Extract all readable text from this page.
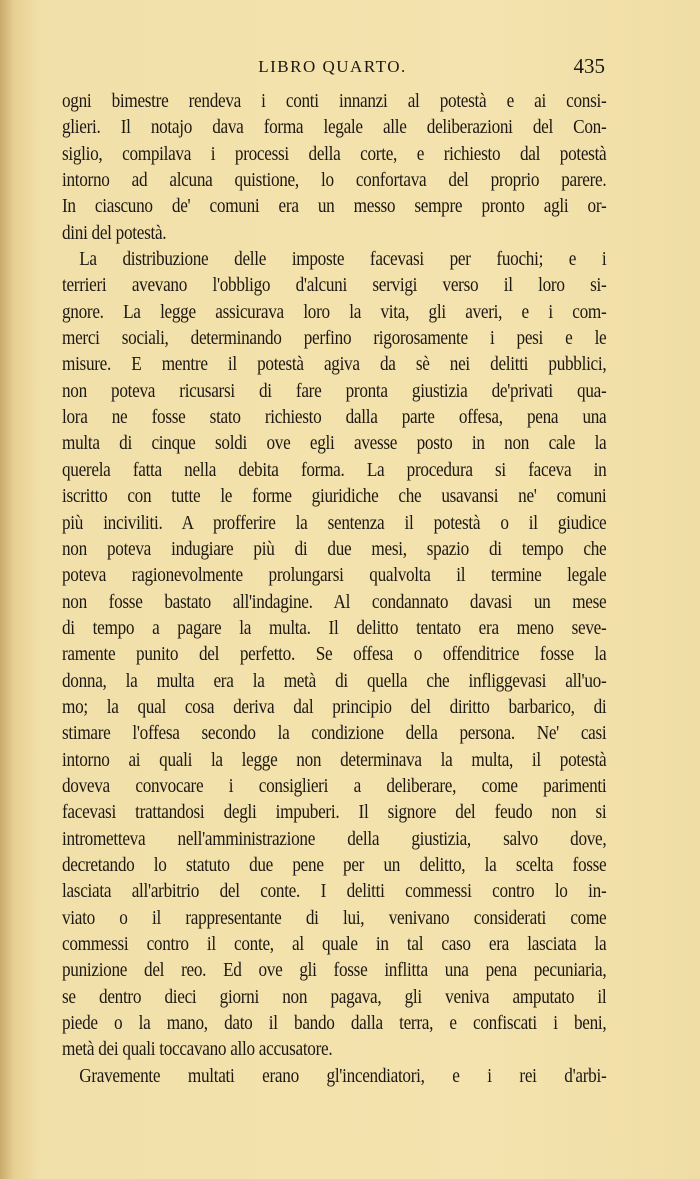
LIBRO QUARTO.	435
ogni bimestre rendeva i conti innanzi al potestà e ai consi-
glieri. Il notajo dava forma legale alle deliberazioni del Con-
siglio, compilava i processi della corte, e richiesto dal potestà
intorno ad alcuna quistione, lo confortava del proprio parere.
In ciascuno de' comuni era un messo sempre pronto agli or-
dini del potestà.
La distribuzione delle imposte facevasi per fuochi; e i
terrieri avevano l'obbligo d'alcuni servigi verso il loro si-
gnore. La legge assicurava loro la vita, gli averi, e i com-
merci sociali, determinando perfino rigorosamente i pesi e le
misure. E mentre il potestà agiva da sè nei delitti pubblici,
non poteva ricusarsi di fare pronta giustizia de'privati qua-
lora ne fosse stato richiesto dalla parte offesa, pena una
multa di cinque soldi ove egli avesse posto in non cale la
querela fatta nella debita forma. La procedura si faceva in
iscritto con tutte le forme giuridiche che usavansi ne' comuni
più inciviliti. A profferire la sentenza il potestà o il giudice
non poteva indugiare più di due mesi, spazio di tempo che
poteva ragionevolmente prolungarsi qualvolta il termine legale
non fosse bastato all'indagine. Al condannato davasi un mese
di tempo a pagare la multa. Il delitto tentato era meno seve-
ramente punito del perfetto. Se offesa o offenditrice fosse la
donna, la multa era la metà di quella che infliggevasi all'uo-
mo; la qual cosa deriva dal principio del diritto barbarico, di
stimare l'offesa secondo la condizione della persona. Ne' casi
intorno ai quali la legge non determinava la multa, il potestà
doveva convocare i consiglieri a deliberare, come parimenti
facevasi trattandosi degli impuberi. Il signore del feudo non si
intrometteva nell'amministrazione della giustizia, salvo dove,
decretando lo statuto due pene per un delitto, la scelta fosse
lasciata all'arbitrio del conte. I delitti commessi contro lo in-
viato o il rappresentante di lui, venivano considerati come
commessi contro il conte, al quale in tal caso era lasciata la
punizione del reo. Ed ove gli fosse inflitta una pena pecuniaria,
se dentro dieci giorni non pagava, gli veniva amputato il
piede o la mano, dato il bando dalla terra, e confiscati i beni,
metà dei quali toccavano allo accusatore.
Gravemente multati erano gl'incendiatori, e i rei d'arbi-
